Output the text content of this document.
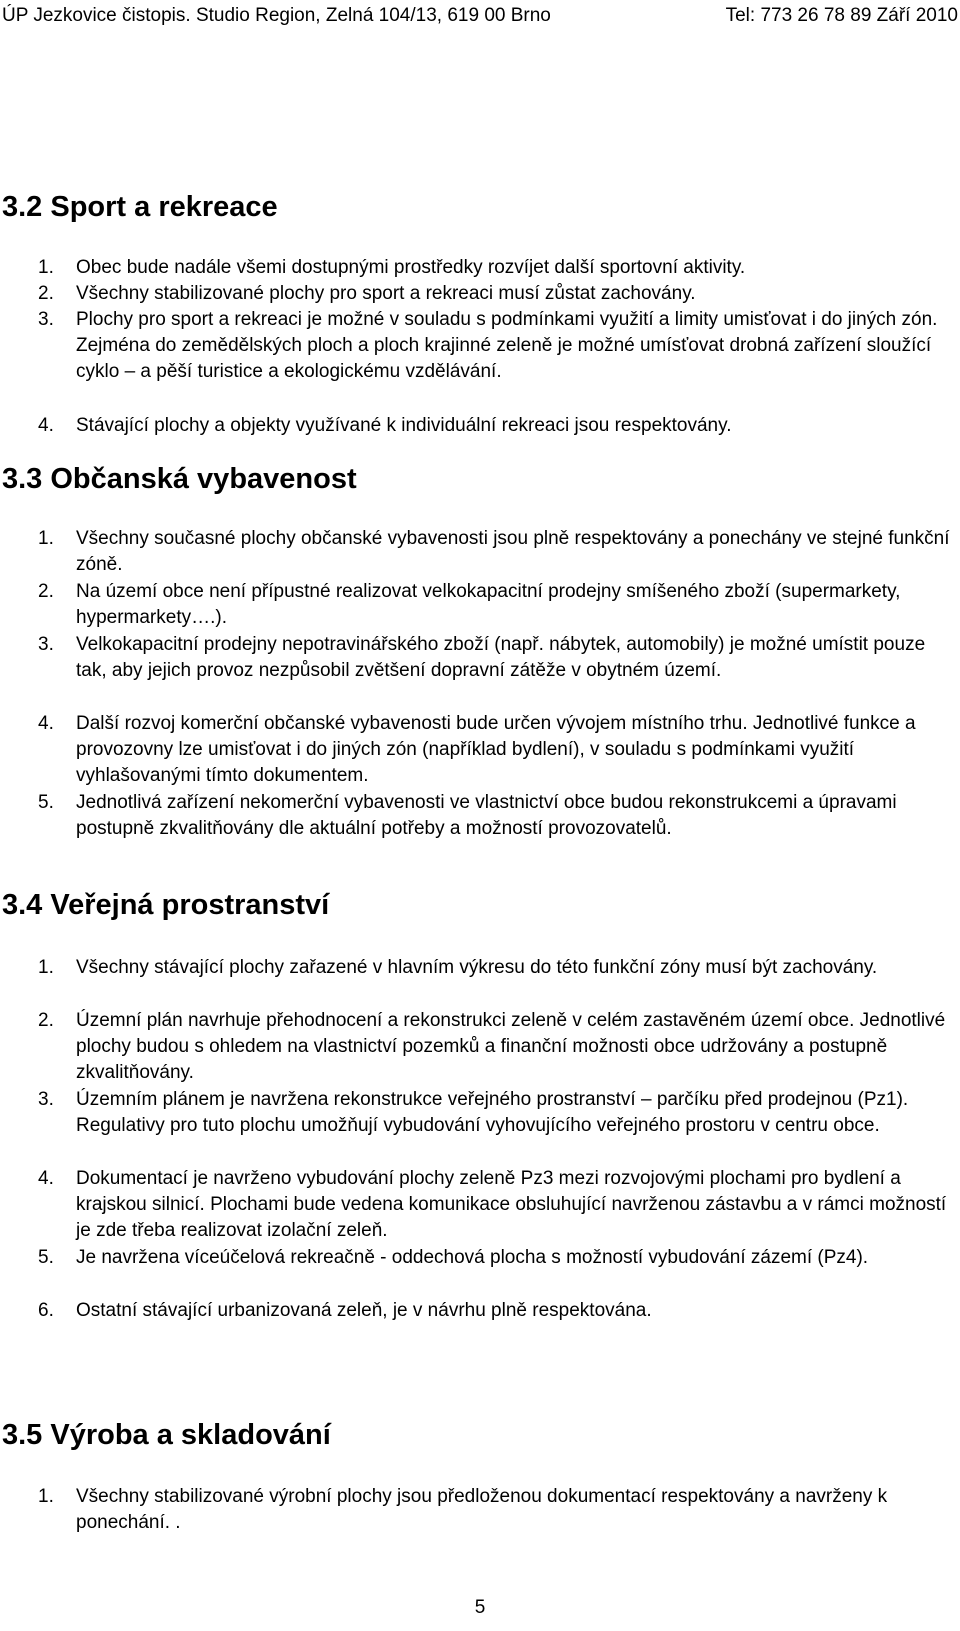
ÚP Jezkovice čistopis. Studio Region, Zelná 104/13, 619 00 Brno	Tel: 773 26 78 89 Září 2010
3.2 Sport a rekreace
1. Obec bude nadále všemi dostupnými prostředky rozvíjet další sportovní aktivity.
2. Všechny stabilizované plochy pro sport a rekreaci musí zůstat zachovány.
3. Plochy pro sport a rekreaci je možné v souladu s podmínkami využití a limity umisťovat i do jiných zón. Zejména do zemědělských ploch a ploch krajinné zeleně je možné umísťovat drobná zařízení sloužící cyklo – a pěší turistice a ekologickému vzdělávání.
4. Stávající plochy a objekty využívané k individuální rekreaci jsou respektovány.
3.3 Občanská vybavenost
1. Všechny současné plochy občanské vybavenosti jsou plně respektovány a ponechány ve stejné funkční zóně.
2. Na území obce není přípustné realizovat velkokapacitní prodejny smíšeného zboží (supermarkety, hypermarkety….).
3. Velkokapacitní prodejny nepotravinářského zboží (např. nábytek, automobily) je možné umístit pouze tak, aby jejich provoz nezpůsobil zvětšení dopravní zátěže v obytném území.
4. Další rozvoj komerční občanské vybavenosti bude určen vývojem místního trhu. Jednotlivé funkce a provozovny lze umisťovat i do jiných zón (například bydlení), v souladu s podmínkami využití vyhlašovanými tímto dokumentem.
5. Jednotlivá zařízení nekomerční vybavenosti ve vlastnictví obce budou rekonstrukcemi a úpravami postupně zkvalitňovány dle aktuální potřeby a možností provozovatelů.
3.4 Veřejná prostranství
1. Všechny stávající plochy zařazené v hlavním výkresu do této funkční zóny musí být zachovány.
2. Územní plán navrhuje přehodnocení a rekonstrukci zeleně v celém zastavěném území obce. Jednotlivé plochy budou s ohledem na vlastnictví pozemků a finanční možnosti obce udržovány a postupně zkvalitňovány.
3. Územním plánem je navržena rekonstrukce veřejného prostranství – parčíku před prodejnou (Pz1). Regulativy pro tuto plochu umožňují vybudování vyhovujícího veřejného prostoru v centru obce.
4. Dokumentací je navrženo vybudování plochy zeleně Pz3 mezi rozvojovými plochami pro bydlení a krajskou silnicí. Plochami bude vedena komunikace obsluhující navrženou zástavbu a v rámci možností je zde třeba realizovat izolační zeleň.
5. Je navržena víceúčelová rekreačně - oddechová plocha s možností vybudování zázemí (Pz4).
6. Ostatní stávající urbanizovaná zeleň, je v návrhu plně respektována.
3.5 Výroba a skladování
1. Všechny stabilizované výrobní plochy jsou předloženou dokumentací respektovány a navrženy k ponechání. .
5
